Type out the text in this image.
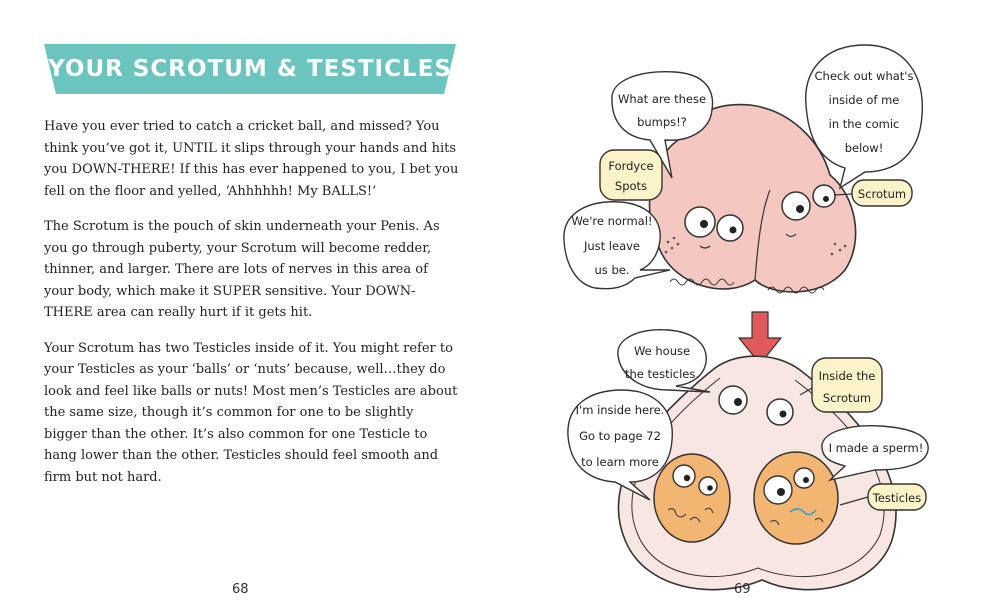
YOUR SCROTUM & TESTICLES

Have you ever tried to catch a cricket ball, and missed? You think you’ve got it, UNTIL it slips through your hands and hits you DOWN-THERE! If this has ever happened to you, I bet you fell on the floor and yelled, ‘Ahhhhhh! My BALLS!’

The Scrotum is the pouch of skin underneath your Penis. As you go through puberty, your Scrotum will become redder, thinner, and larger. There are lots of nerves in this area of your body, which make it SUPER sensitive. Your DOWN-THERE area can really hurt if it gets hit.

Your Scrotum has two Testicles inside of it. You might refer to your Testicles as your ‘balls’ or ‘nuts’ because, well…they do look and feel like balls or nuts! Most men’s Testicles are about the same size, though it’s common for one to be slightly bigger than the other. It’s also common for one Testicle to hang lower than the other. Testicles should feel smooth and firm but not hard.

68
What are these
bumps!?
Fordyce
Spots
We're normal!
Just leave
us be.
Check out what's
inside of me
in the comic
below!
Scrotum
We house
the testicles.	Inside the
Scrotum
I'm inside here.
Go to page 72
to learn more
I made a sperm!
Testicles
69
